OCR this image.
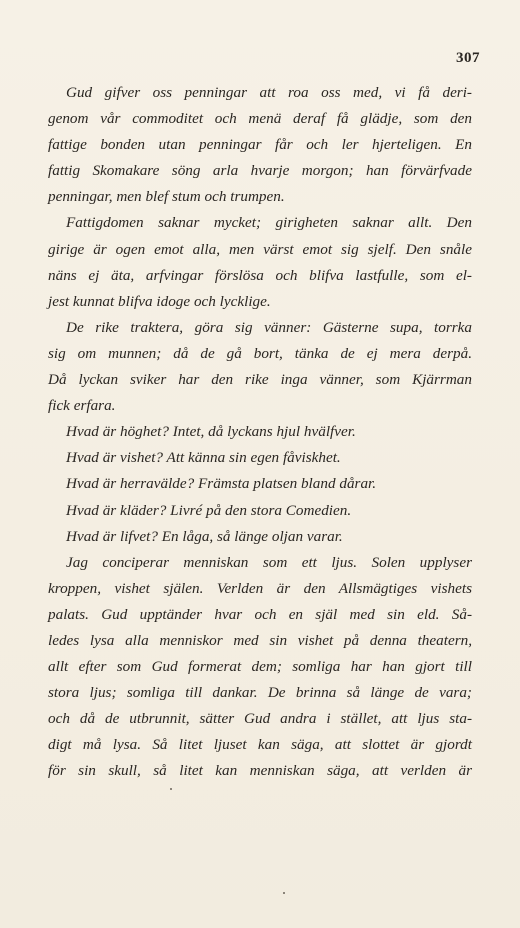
307
Gud gifver oss penningar att roa oss med, vi få deri-
genom vår commoditet och menä deraf få glädje, som den
fattige bonden utan penningar får och ler hjerteligen. En
fattig Skomakare söng arla hvarje morgon; han förvärfvade
penningar, men blef stum och trumpen.
Fattigdomen saknar mycket; girigheten saknar allt. Den
girige är ogen emot alla, men värst emot sig sjelf. Den snåle
näns ej äta, arfvingar förslösa och blifva lastfulle, som el-
jest kunnat blifva idoge och lycklige.
De rike traktera, göra sig vänner: Gästerne supa, torrka
sig om munnen; då de gå bort, tänka de ej mera derpå.
Då lyckan sviker har den rike inga vänner, som Kjärrman
fick erfara.
Hvad är höghet? Intet, då lyckans hjul hvälfver.
Hvad är vishet? Att känna sin egen fåviskhet.
Hvad är herravälde? Främsta platsen bland dårar.
Hvad är kläder? Livré på den stora Comedien.
Hvad är lifvet? En låga, så länge oljan varar.
Jag conciperar menniskan som ett ljus. Solen upplyser
kroppen, vishet själen. Verlden är den Allsmägtiges vishets
palats. Gud upptänder hvar och en själ med sin eld. Så-
ledes lysa alla menniskor med sin vishet på denna theatern,
allt efter som Gud formerat dem; somliga har han gjort till
stora ljus; somliga till dankar. De brinna så länge de vara;
och då de utbrunnit, sätter Gud andra i stället, att ljus sta-
digt må lysa. Så litet ljuset kan säga, att slottet är gjordt
för sin skull, så litet kan menniskan säga, att verlden är
